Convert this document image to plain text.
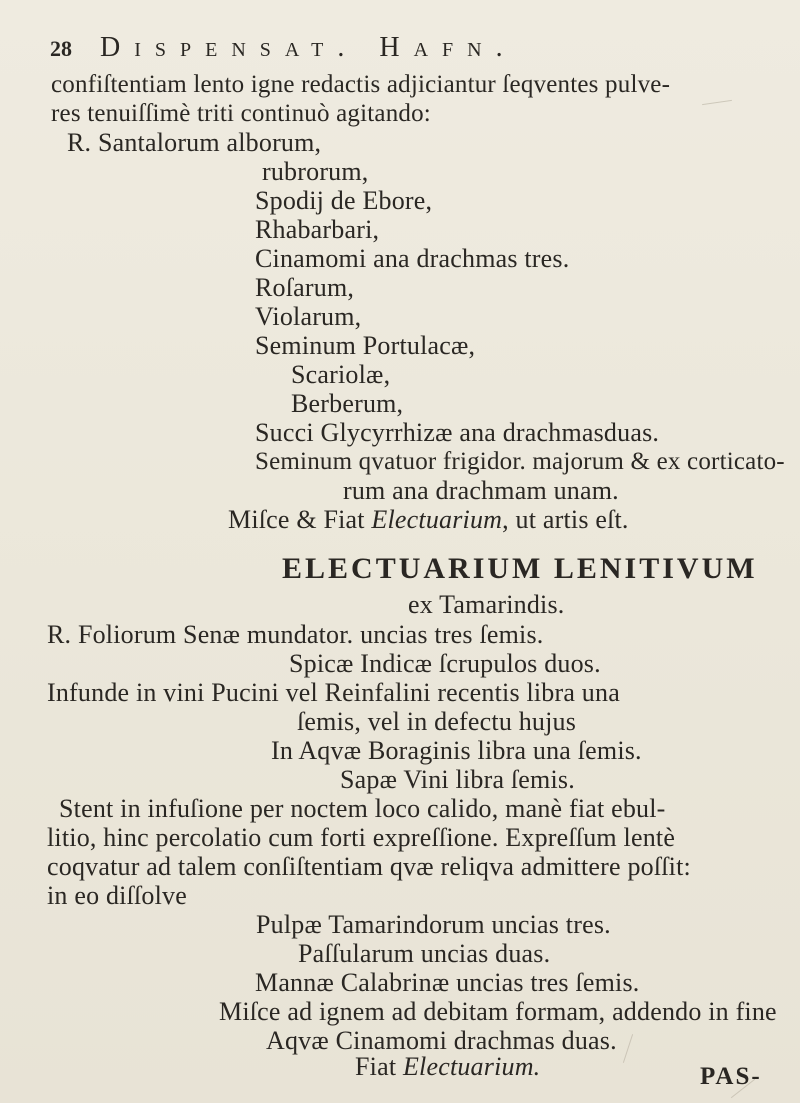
28 Dispensat. Hafn.
confiſtentiam lento igne redactis adjiciantur ſeqventes pulve-
res tenuiſſimè triti continuò agitando:
R. Santalorum alborum,
rubrorum,
Spodij de Ebore,
Rhabarbari,
Cinamomi ana drachmas tres.
Roſarum,
Violarum,
Seminum Portulacæ,
Scariolæ,
Berberum,
Succi Glycyrrhizæ ana drachmasduas.
Seminum qvatuor frigidor. majorum & ex corticato-
rum ana drachmam unam.
Miſce & Fiat Electuarium, ut artis eſt.
ELECTUARIUM LENITIVUM
ex Tamarindis.
R. Foliorum Senæ mundator. uncias tres ſemis.
Spicæ Indicæ ſcrupulos duos.
Infunde in vini Pucini vel Reinfalini recentis libra una
ſemis, vel in defectu hujus
In Aqvæ Boraginis libra una ſemis.
Sapæ Vini libra ſemis.
Stent in infuſione per noctem loco calido, manè fiat ebul-
litio, hinc percolatio cum forti expreſſione. Expreſſum lentè
coqvatur ad talem conſiſtentiam qvæ reliqva admittere poſſit:
in eo diſſolve
Pulpæ Tamarindorum uncias tres.
Paſſularum uncias duas.
Mannæ Calabrinæ uncias tres ſemis.
Miſce ad ignem ad debitam formam, addendo in fine
Aqvæ Cinamomi drachmas duas.
Fiat Electuarium.	PAS-
